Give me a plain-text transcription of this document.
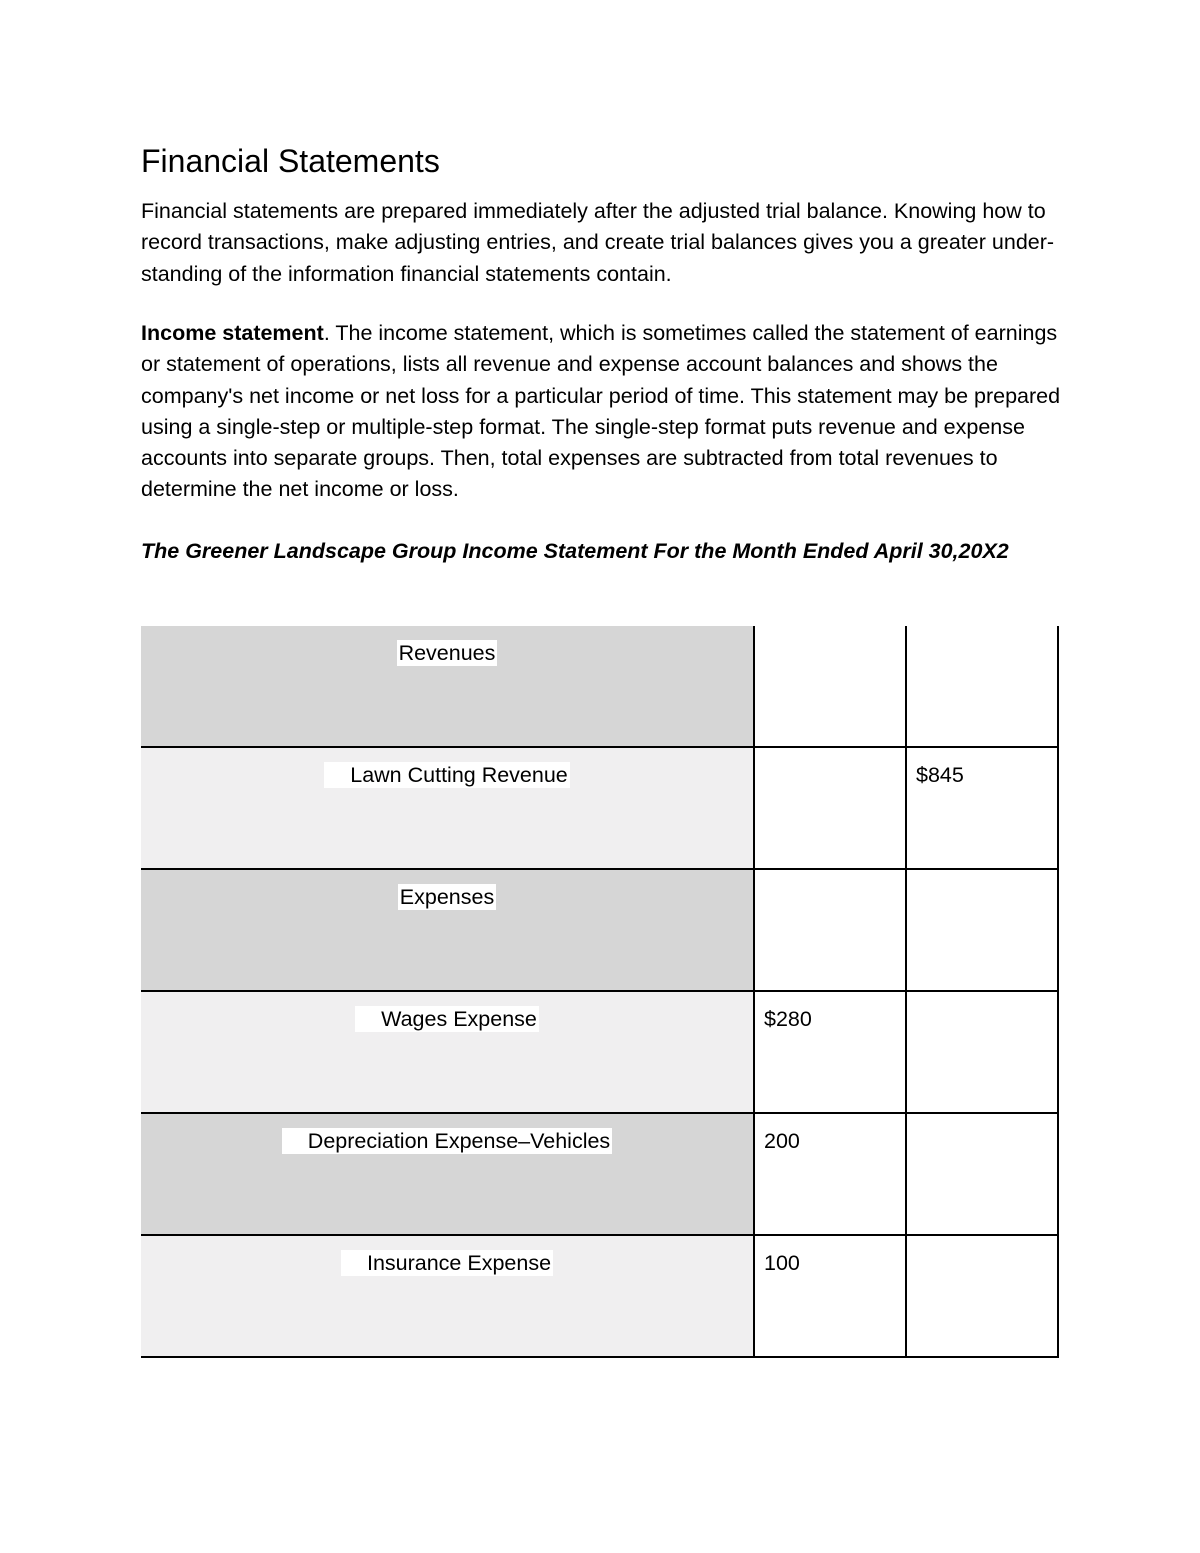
Financial Statements

Financial statements are prepared immediately after the adjusted trial balance. Knowing how to record transactions, make adjusting entries, and create trial balances gives you a greater under-standing of the information financial statements contain.

Income statement. The income statement, which is sometimes called the statement of earnings or statement of operations, lists all revenue and expense account balances and shows the company's net income or net loss for a particular period of time. This statement may be prepared using a single-step or multiple-step format. The single-step format puts revenue and expense accounts into separate groups. Then, total expenses are subtracted from total revenues to determine the net income or loss.

The Greener Landscape Group Income Statement For the Month Ended April 30,20X2

Revenues	

Lawn Cutting Revenue		$845

Expenses	

Wages Expense	$280	

Depreciation Expense–Vehicles	200	

Insurance Expense	100	
